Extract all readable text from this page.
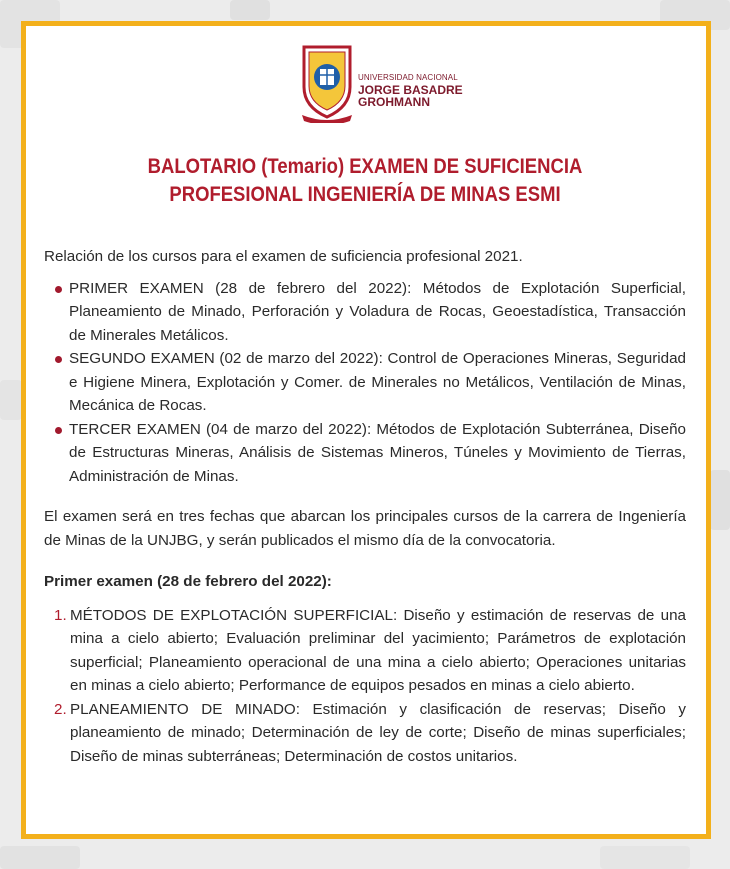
UNIVERSIDAD NACIONAL
JORGE BASADRE
GROHMANN
BALOTARIO (Temario) EXAMEN DE SUFICIENCIA
PROFESIONAL INGENIERÍA DE MINAS ESMI

Relación de los cursos para el examen de suficiencia profesional 2021.

PRIMER EXAMEN (28 de febrero del 2022): Métodos de Explotación Superficial, Planeamiento de Minado, Perforación y Voladura de Rocas, Geoestadística, Transacción de Minerales Metálicos.
SEGUNDO EXAMEN (02 de marzo del 2022): Control de Operaciones Mineras, Seguridad e Higiene Minera, Explotación y Comer. de Minerales no Metálicos, Ventilación de Minas, Mecánica de Rocas.
TERCER EXAMEN (04 de marzo del 2022): Métodos de Explotación Subterránea, Diseño de Estructuras Mineras, Análisis de Sistemas Mineros, Túneles y Movimiento de Tierras, Administración de Minas.

El examen será en tres fechas que abarcan los principales cursos de la carrera de Ingeniería de Minas de la UNJBG, y serán publicados el mismo día de la convocatoria.

Primer examen (28 de febrero del 2022):

1. MÉTODOS DE EXPLOTACIÓN SUPERFICIAL: Diseño y estimación de reservas de una mina a cielo abierto; Evaluación preliminar del yacimiento; Parámetros de explotación superficial; Planeamiento operacional de una mina a cielo abierto; Operaciones unitarias en minas a cielo abierto; Performance de equipos pesados en minas a cielo abierto.
2. PLANEAMIENTO DE MINADO: Estimación y clasificación de reservas; Diseño y planeamiento de minado; Determinación de ley de corte; Diseño de minas superficiales; Diseño de minas subterráneas; Determinación de costos unitarios.
